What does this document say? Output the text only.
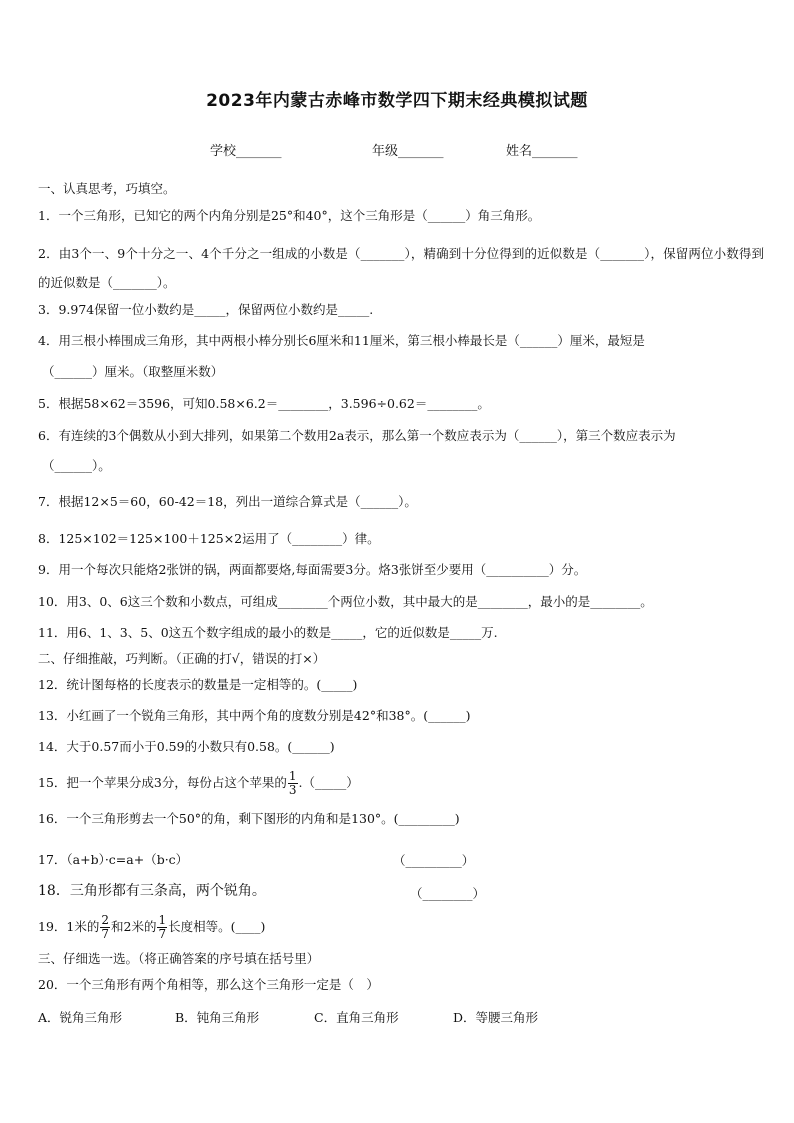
2023年内蒙古赤峰市数学四下期末经典模拟试题
学校_______	年级_______	姓名_______
一、认真思考，巧填空。
1．一个三角形，已知它的两个内角分别是25°和40°，这个三角形是（______）角三角形。
2．由3个一、9个十分之一、4个千分之一组成的小数是（_______），精确到十分位得到的近似数是（_______），保留两位小数得到的近似数是（_______）。
3．9.974保留一位小数约是_____，保留两位小数约是_____.
4．用三根小棒围成三角形，其中两根小棒分别长6厘米和11厘米，第三根小棒最长是（______）厘米，最短是
（______）厘米。（取整厘米数）
5．根据58×62＝3596，可知0.58×6.2＝________，3.596÷0.62＝________。
6．有连续的3个偶数从小到大排列，如果第二个数用2a表示，那么第一个数应表示为（______），第三个数应表示为
（______）。
7．根据12×5＝60，60-42＝18，列出一道综合算式是（______）。
8．125×102＝125×100＋125×2运用了（________）律。
9．用一个每次只能烙2张饼的锅，两面都要烙,每面需要3分。烙3张饼至少要用（__________）分。
10．用3、0、6这三个数和小数点，可组成________个两位小数，其中最大的是________，最小的是________。
11．用6、1、3、5、0这五个数字组成的最小的数是_____，它的近似数是_____万.
二、仔细推敲，巧判断。（正确的打√，错误的打×）
12．统计图每格的长度表示的数量是一定相等的。(_____)
13．小红画了一个锐角三角形，其中两个角的度数分别是42°和38°。(______)
14．大于0.57而小于0.59的小数只有0.58。(______)
15．把一个苹果分成3分，每份占这个苹果的 $\frac{1}{3}$ .（_____）
16．一个三角形剪去一个50°的角，剩下图形的内角和是130°。(_________)
17．（a+b）·c=a+（b·c）	（_________）
18．三角形都有三条高，两个锐角。	（________）
19．1米的 $\frac{2}{7}$ 和2米的 $\frac{1}{7}$ 长度相等。(____)
三、仔细选一选。（将正确答案的序号填在括号里）
20．一个三角形有两个角相等，那么这个三角形一定是（　）
A．锐角三角形	B．钝角三角形	C．直角三角形	D．等腰三角形
